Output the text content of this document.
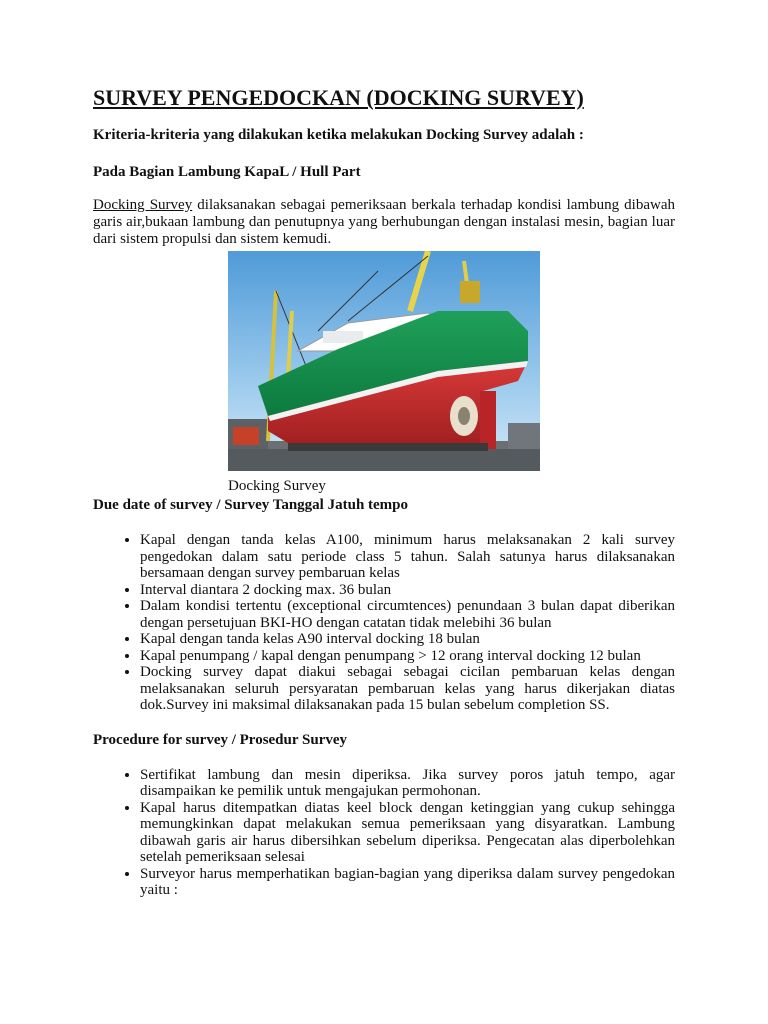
SURVEY PENGEDOCKAN (DOCKING SURVEY)

Kriteria-kriteria yang dilakukan ketika melakukan Docking Survey adalah :

Pada Bagian Lambung KapaL / Hull Part

Docking Survey dilaksanakan sebagai pemeriksaan berkala terhadap kondisi lambung dibawah garis air,bukaan lambung dan penutupnya yang berhubungan dengan instalasi mesin, bagian luar dari sistem propulsi dan sistem kemudi.

Docking Survey

Due date of survey / Survey Tanggal Jatuh tempo

• Kapal dengan tanda kelas A100, minimum harus melaksanakan 2 kali survey pengedokan dalam satu periode class 5 tahun. Salah satunya harus dilaksanakan bersamaan dengan survey pembaruan kelas
• Interval diantara 2 docking max. 36 bulan
• Dalam kondisi tertentu (exceptional circumtences) penundaan 3 bulan dapat diberikan dengan persetujuan BKI-HO dengan catatan tidak melebihi 36 bulan
• Kapal dengan tanda kelas A90 interval docking 18 bulan
• Kapal penumpang / kapal dengan penumpang > 12 orang interval docking 12 bulan
• Docking survey dapat diakui sebagai sebagai cicilan pembaruan kelas dengan melaksanakan seluruh persyaratan pembaruan kelas yang harus dikerjakan diatas dok.Survey ini maksimal dilaksanakan pada 15 bulan sebelum completion SS.

Procedure for survey / Prosedur Survey

• Sertifikat lambung dan mesin diperiksa. Jika survey poros jatuh tempo, agar disampaikan ke pemilik untuk mengajukan permohonan.
• Kapal harus ditempatkan diatas keel block dengan ketinggian yang cukup sehingga memungkinkan dapat melakukan semua pemeriksaan yang disyaratkan. Lambung dibawah garis air harus dibersihkan sebelum diperiksa. Pengecatan alas diperbolehkan setelah pemeriksaan selesai
• Surveyor harus memperhatikan bagian-bagian yang diperiksa dalam survey pengedokan yaitu :
